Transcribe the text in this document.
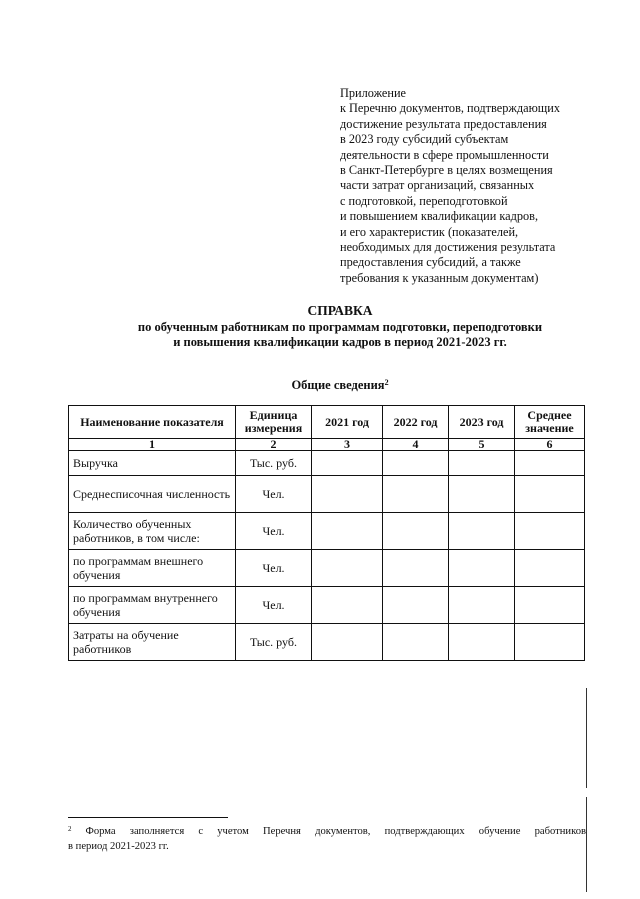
Приложение
к Перечню документов, подтверждающих
достижение результата предоставления
в 2023 году субсидий субъектам
деятельности в сфере промышленности
в Санкт-Петербурге в целях возмещения
части затрат организаций, связанных
с подготовкой, переподготовкой
и повышением квалификации кадров,
и его характеристик (показателей,
необходимых для достижения результата
предоставления субсидий, а также
требования к указанным документам)
СПРАВКА
по обученным работникам по программам подготовки, переподготовки
и повышения квалификации кадров в период 2021-2023 гг.
Общие сведения$^2$
Наименование показателя	Единица измерения	2021 год	2022 год	2023 год	Среднее значение
1	2	3	4	5	6
Выручка	Тыс. руб.				
Среднесписочная численность	Чел.				
Количество обученных работников, в том числе:	Чел.				
по программам внешнего обучения	Чел.				
по программам внутреннего обучения	Чел.				
Затраты на обучение работников	Тыс. руб.				
$^2$ Форма заполняется с учетом Перечня документов, подтверждающих обучение работников
в период 2021-2023 гг.
